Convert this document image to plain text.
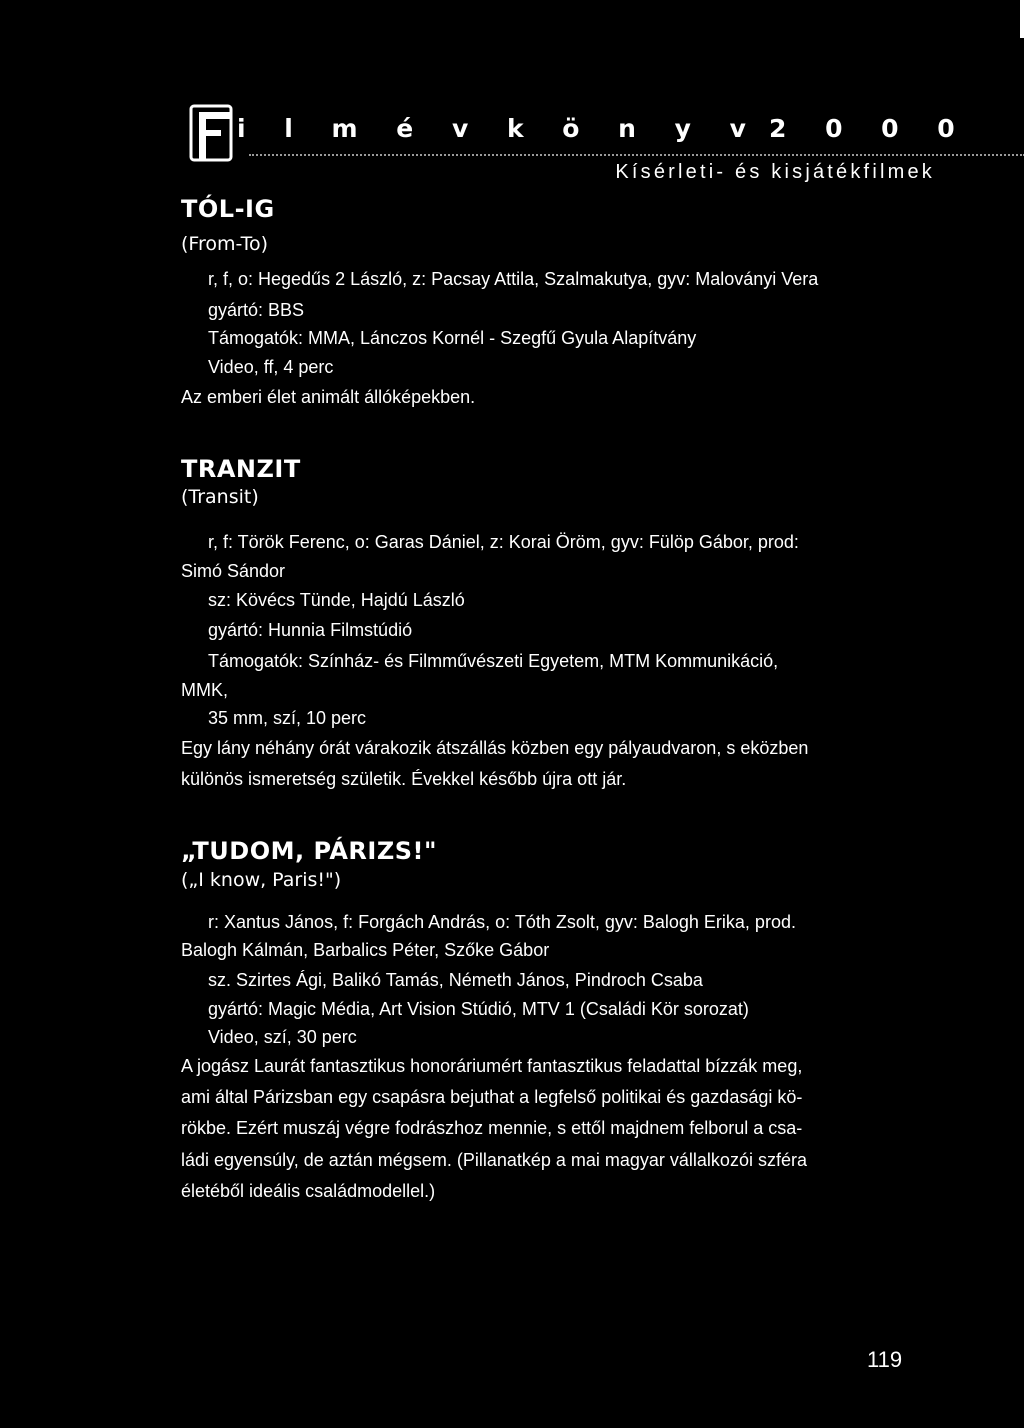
i l m é v k ö n y v 2 0 0 0
Kísérleti- és kisjátékfilmek
TÓL-IG

(From-To)

r, f, o: Hegedűs 2 László, z: Pacsay Attila, Szalmakutya, gyv: Maloványi Vera

gyártó: BBS

Támogatók: MMA, Lánczos Kornél - Szegfű Gyula Alapítvány

Video, ff, 4 perc

Az emberi élet animált állóképekben.

TRANZIT

(Transit)

r, f: Török Ferenc, o: Garas Dániel, z: Korai Öröm, gyv: Fülöp Gábor, prod:

Simó Sándor

sz: Kövécs Tünde, Hajdú László

gyártó: Hunnia Filmstúdió

Támogatók: Színház- és Filmművészeti Egyetem, MTM Kommunikáció,

MMK,

35 mm, szí, 10 perc

Egy lány néhány órát várakozik átszállás közben egy pályaudvaron, s eközben
különös ismeretség születik. Évekkel később újra ott jár.
„TUDOM, PÁRIZS!"

(„I know, Paris!")

r: Xantus János, f: Forgách András, o: Tóth Zsolt, gyv: Balogh Erika, prod.

Balogh Kálmán, Barbalics Péter, Szőke Gábor

sz. Szirtes Ági, Balikó Tamás, Németh János, Pindroch Csaba

gyártó: Magic Média, Art Vision Stúdió, MTV 1 (Családi Kör sorozat)

Video, szí, 30 perc

A jogász Laurát fantasztikus honoráriumért fantasztikus feladattal bízzák meg,
ami által Párizsban egy csapásra bejuthat a legfelső politikai és gazdasági kö-
rökbe. Ezért muszáj végre fodrászhoz mennie, s ettől majdnem felborul a csa-
ládi egyensúly, de aztán mégsem. (Pillanatkép a mai magyar vállalkozói szféra
életéből ideális családmodellel.)
119
